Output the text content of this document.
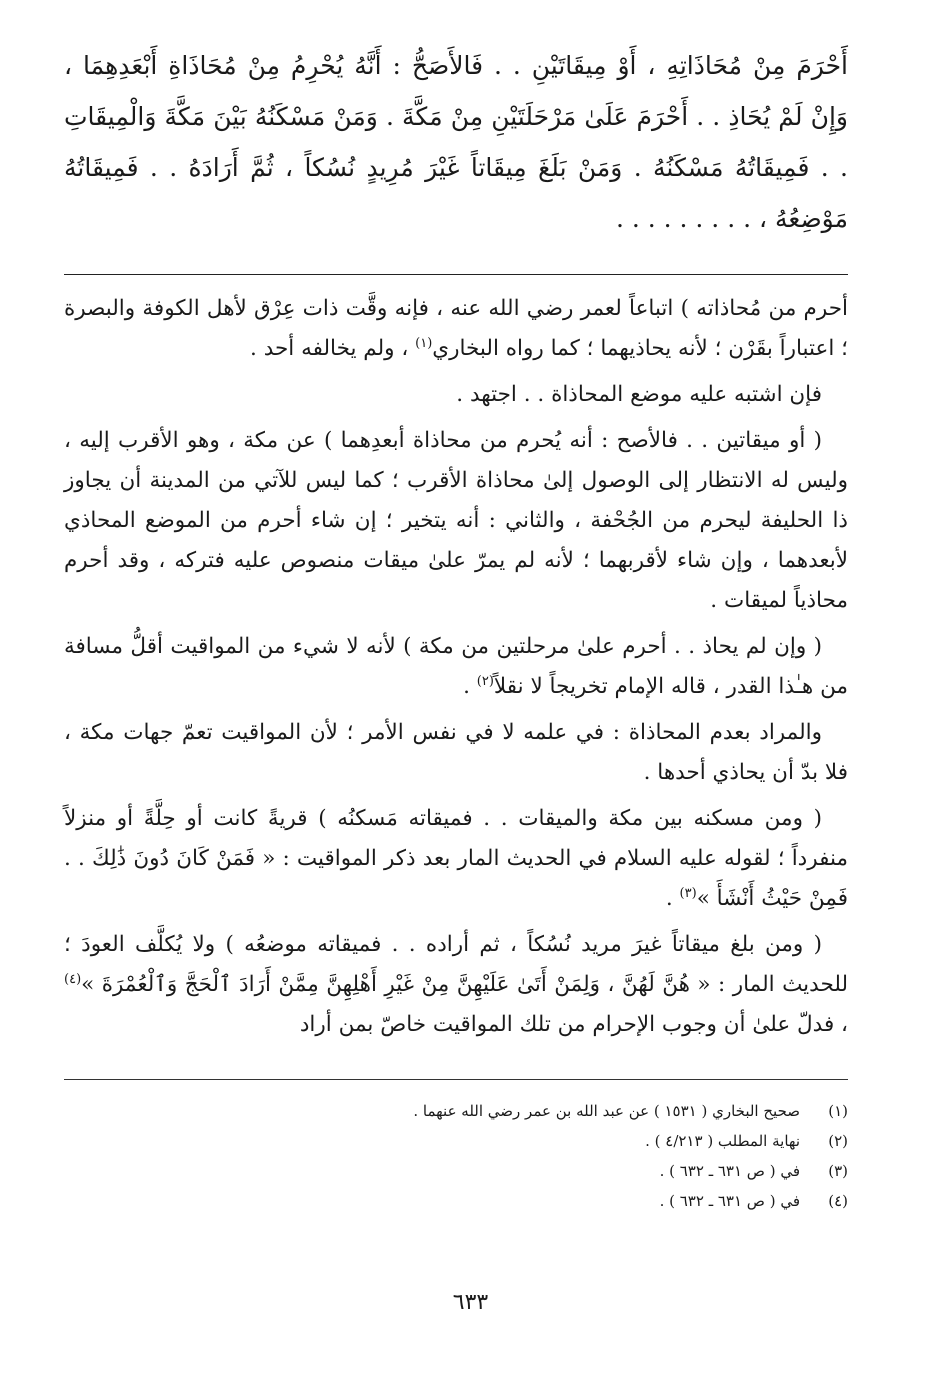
أَحْرَمَ مِنْ مُحَاذَاتِهِ ، أَوْ مِيقَاتَيْنِ . . فَالأَصَحُّ : أَنَّهُ يُحْرِمُ مِنْ مُحَاذَاةِ أَبْعَدِهِمَا ، وَإِنْ لَمْ يُحَاذِ . . أَحْرَمَ عَلَىٰ مَرْحَلَتَيْنِ مِنْ مَكَّةَ . وَمَنْ مَسْكَنُهُ بَيْنَ مَكَّةَ وَالْمِيقَاتِ . . فَمِيقَاتُهُ مَسْكَنُهُ . وَمَنْ بَلَغَ مِيقَاتاً غَيْرَ مُرِيدٍ نُسُكاً ، ثُمَّ أَرَادَهُ . . فَمِيقَاتُهُ مَوْضِعُهُ ، . . . . . . . . .

أحرم من مُحاذاته ) اتباعاً لعمر رضي الله عنه ، فإنه وقَّت ذات عِرْق لأهل الكوفة والبصرة ؛ اعتباراً بقَرْن ؛ لأنه يحاذيهما ؛ كما رواه البخاري$^{(١)}$ ، ولم يخالفه أحد .

فإن اشتبه عليه موضع المحاذاة . . اجتهد .

( أو ميقاتين . . فالأصح : أنه يُحرم من محاذاة أبعدِهما ) عن مكة ، وهو الأقرب إليه ، وليس له الانتظار إلى الوصول إلىٰ محاذاة الأقرب ؛ كما ليس للآتي من المدينة أن يجاوز ذا الحليفة ليحرم من الجُحْفة ، والثاني : أنه يتخير ؛ إن شاء أحرم من الموضع المحاذي لأبعدهما ، وإن شاء لأقربهما ؛ لأنه لم يمرّ علىٰ ميقات منصوص عليه فتركه ، وقد أحرم محاذياً لميقات .

( وإن لم يحاذ . . أحرم علىٰ مرحلتين من مكة ) لأنه لا شيء من المواقيت أقلُّ مسافة من هـٰذا القدر ، قاله الإمام تخريجاً لا نقلاً$^{(٢)}$ .

والمراد بعدم المحاذاة : في علمه لا في نفس الأمر ؛ لأن المواقيت تعمّ جهات مكة ، فلا بدّ أن يحاذي أحدها .

( ومن مسكنه بين مكة والميقات . . فميقاته مَسكنُه ) قريةً كانت أو حِلَّةً أو منزلاً منفرداً ؛ لقوله عليه السلام في الحديث المار بعد ذكر المواقيت : « فَمَنْ كَانَ دُونَ ذَٰلِكَ . . فَمِنْ حَيْثُ أَنْشَأَ »$^{(٣)}$ .

( ومن بلغ ميقاتاً غيرَ مريد نُسُكاً ، ثم أراده . . فميقاته موضعُه ) ولا يُكلَّف العودَ ؛ للحديث المار : « هُنَّ لَهُنَّ ، وَلِمَنْ أَتَىٰ عَلَيْهِنَّ مِنْ غَيْرِ أَهْلِهِنَّ مِمَّنْ أَرَادَ ٱلْحَجَّ وَٱلْعُمْرَةَ »$^{(٤)}$ ، فدلّ علىٰ أن وجوب الإحرام من تلك المواقيت خاصّ بمن أراد

(١)
صحيح البخاري ( ١٥٣١ ) عن عبد الله بن عمر رضي الله عنهما .
(٢)
نهاية المطلب ( ٤/٢١٣ ) .
(٣)
في ( ص ٦٣١ ـ ٦٣٢ ) .
(٤)
في ( ص ٦٣١ ـ ٦٣٢ ) .
٦٣٣
